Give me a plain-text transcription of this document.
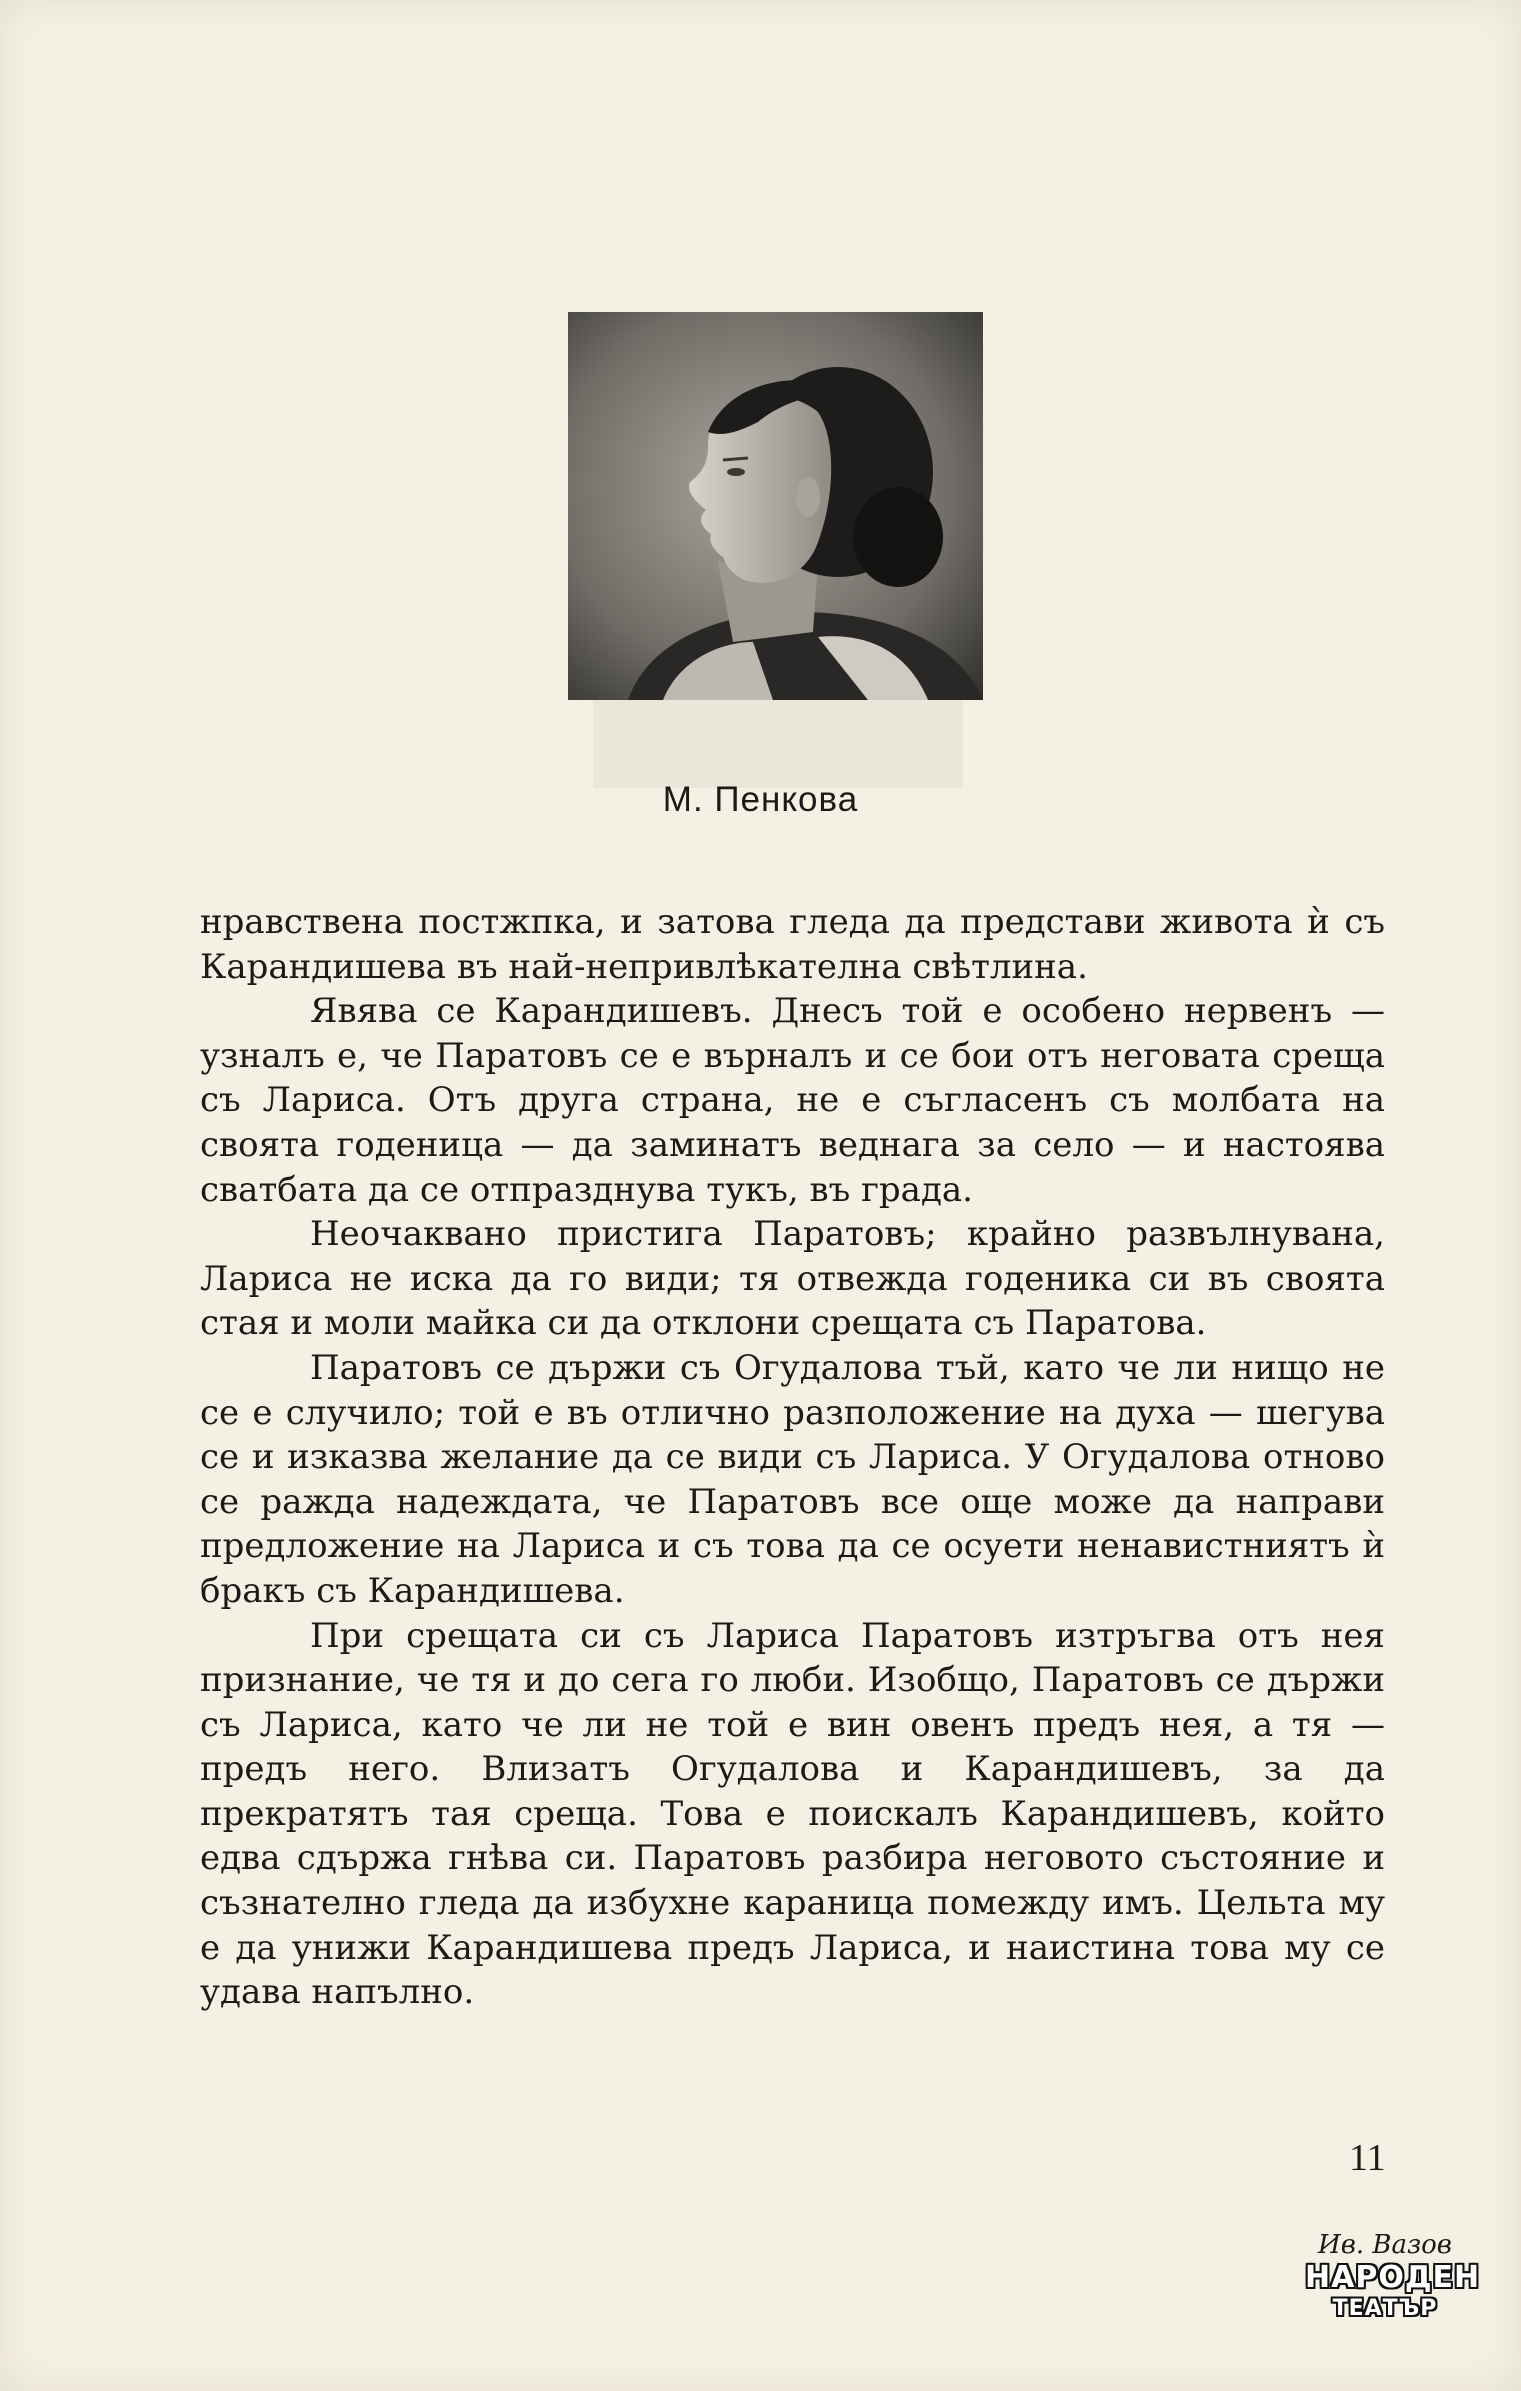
М. Пенкова

нравствена постжпка, и затова гледа да представи живота ѝ съ Карандишева въ най-непривлѣкателна свѣтлина.

Явява се Карандишевъ. Днесъ той е особено нервенъ — узналъ е, че Паратовъ се е върналъ и се бои отъ неговата среща съ Лариса. Отъ друга страна, не е съгласенъ съ молбата на своята годеница — да заминатъ веднага за село — и настоява сватбата да се отпразднува тукъ, въ града.

Неочаквано пристига Паратовъ; крайно развълнувана, Лариса не иска да го види; тя отвежда годеника си въ своята стая и моли майка си да отклони срещата съ Паратова.

Паратовъ се държи съ Огудалова тъй, като че ли нищо не се е случило; той е въ отлично разположение на духа — шегува се и изказва желание да се види съ Лариса. У Огудалова отново се ражда надеждата, че Паратовъ все още може да направи предложение на Лариса и съ това да се осуети ненавистниятъ ѝ бракъ съ Карандишева.

При срещата си съ Лариса Паратовъ изтръгва отъ нея признание, че тя и до сега го люби. Изобщо, Паратовъ се държи съ Лариса, като че ли не той е вин овенъ предъ нея, а тя — предъ него. Влизатъ Огудалова и Карандишевъ, за да прекратятъ тая среща. Това е поискалъ Карандишевъ, който едва сдържа гнѣва си. Паратовъ разбира неговото състояние и съзнателно гледа да избухне караница помежду имъ. Цельта му е да унижи Карандишева предъ Лариса, и наистина това му се удава напълно.

11
Ив. Вазов
НАРОДЕН
ТЕАТЪР
